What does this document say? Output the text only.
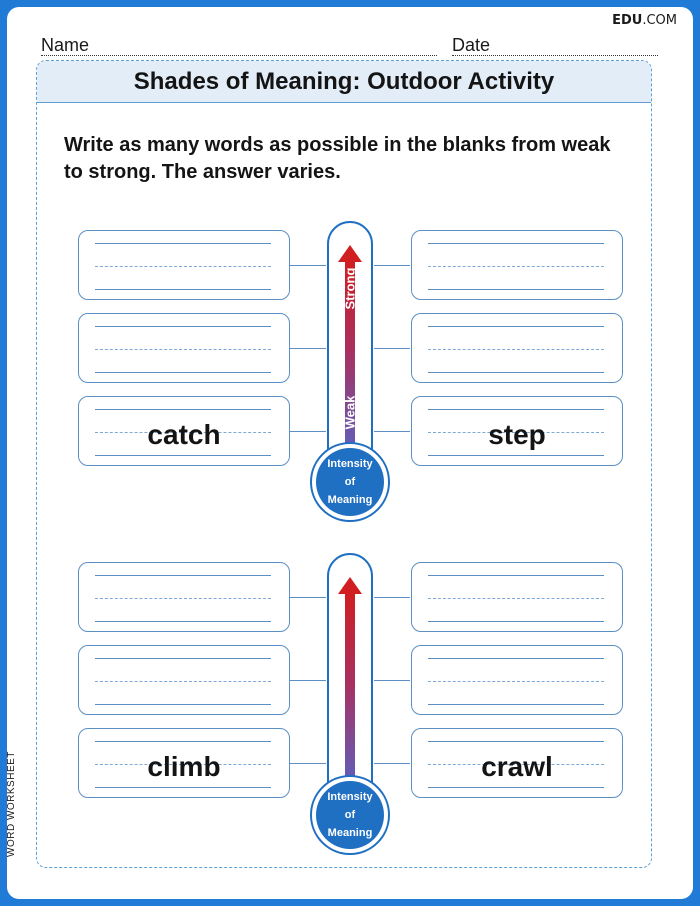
EDU.COM
Name	Date
Shades of Meaning: Outdoor Activity
Write as many words as possible in the blanks from weak to strong. The answer varies.
catch	step
Strong
Weak
Intensity
of
Meaning
climb	crawl
Intensity
of
Meaning
WORD WORKSHEET
